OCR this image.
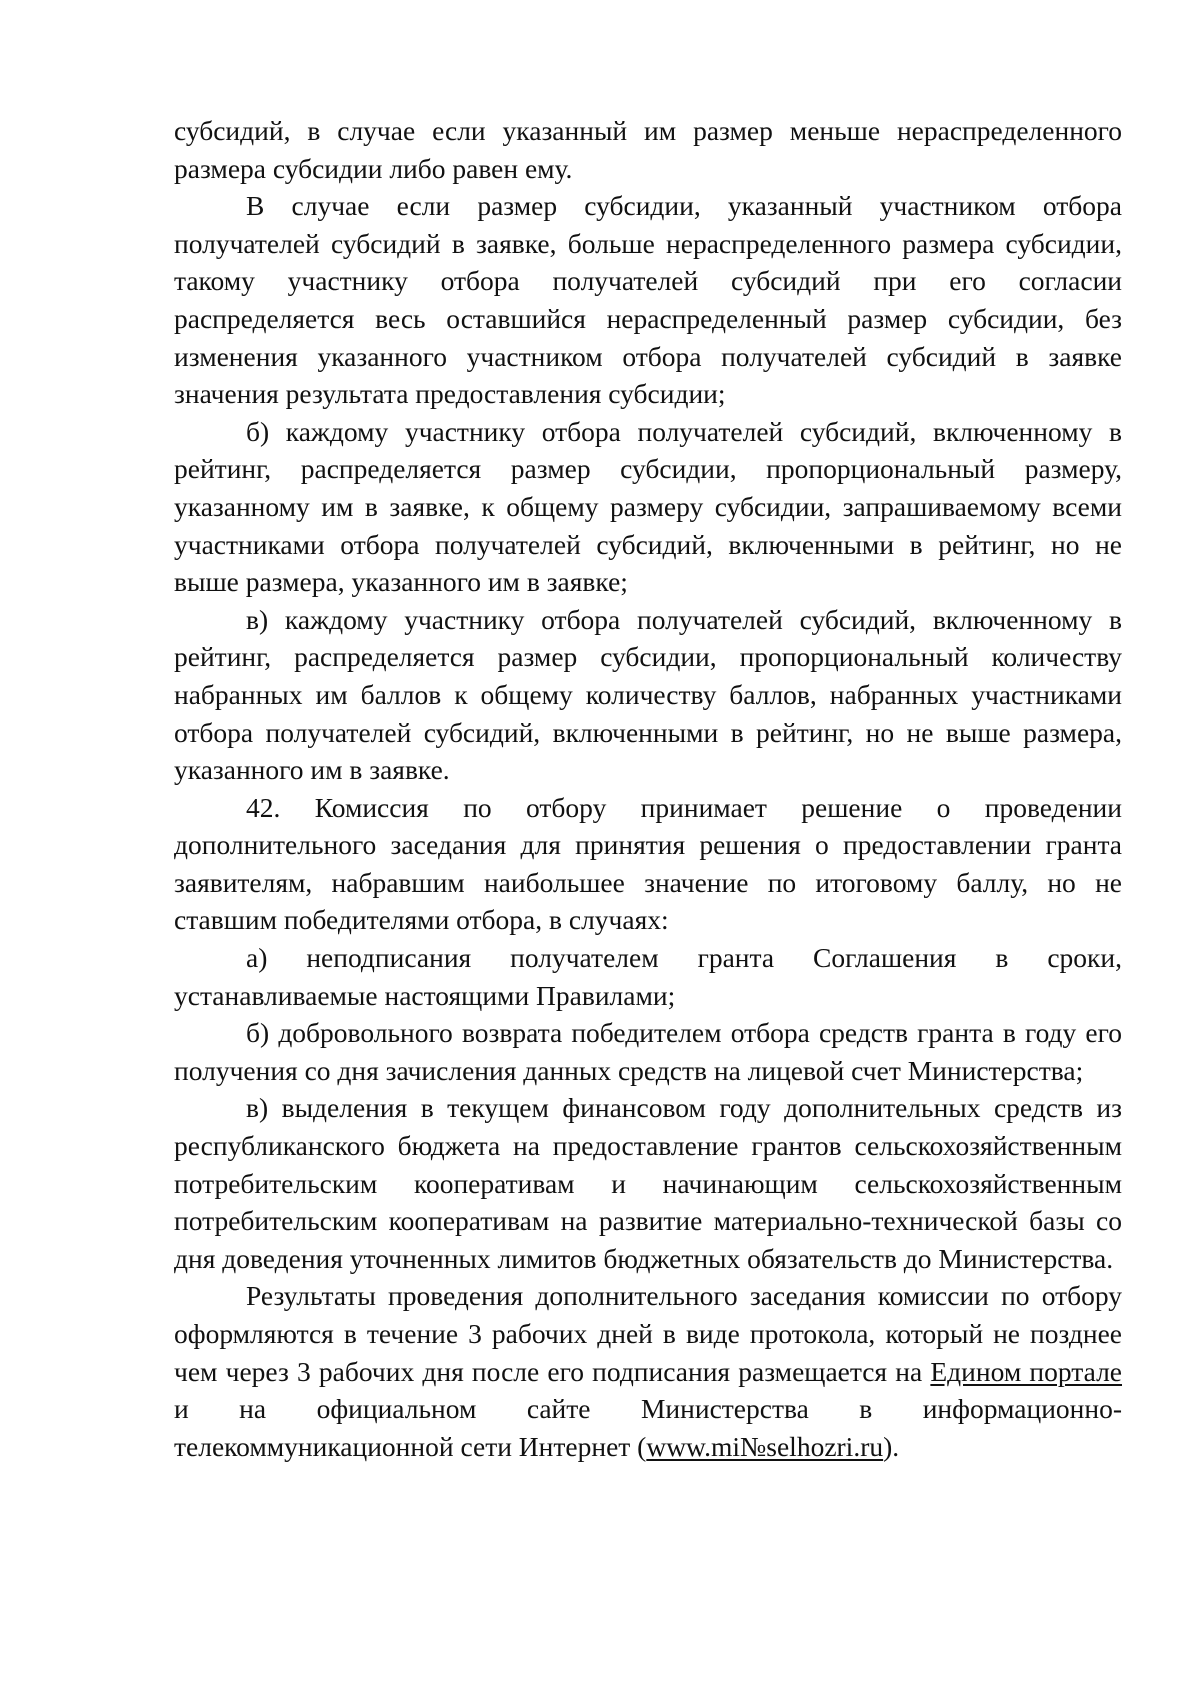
субсидий, в случае если указанный им размер меньше нераспределенного размера субсидии либо равен ему.

В случае если размер субсидии, указанный участником отбора получателей субсидий в заявке, больше нераспределенного размера субсидии, такому участнику отбора получателей субсидий при его согласии распределяется весь оставшийся нераспределенный размер субсидии, без изменения указанного участником отбора получателей субсидий в заявке значения результата предоставления субсидии;

б) каждому участнику отбора получателей субсидий, включенному в рейтинг, распределяется размер субсидии, пропорциональный размеру, указанному им в заявке, к общему размеру субсидии, запрашиваемому всеми участниками отбора получателей субсидий, включенными в рейтинг, но не выше размера, указанного им в заявке;

в) каждому участнику отбора получателей субсидий, включенному в рейтинг, распределяется размер субсидии, пропорциональный количеству набранных им баллов к общему количеству баллов, набранных участниками отбора получателей субсидий, включенными в рейтинг, но не выше размера, указанного им в заявке.

42. Комиссия по отбору принимает решение о проведении дополнительного заседания для принятия решения о предоставлении гранта заявителям, набравшим наибольшее значение по итоговому баллу, но не ставшим победителями отбора, в случаях:

а) неподписания получателем гранта Соглашения в сроки, устанавливаемые настоящими Правилами;

б) добровольного возврата победителем отбора средств гранта в году его получения со дня зачисления данных средств на лицевой счет Министерства;

в) выделения в текущем финансовом году дополнительных средств из республиканского бюджета на предоставление грантов сельскохозяйственным потребительским кооперативам и начинающим сельскохозяйственным потребительским кооперативам на развитие материально-технической базы со дня доведения уточненных лимитов бюджетных обязательств до Министерства.

Результаты проведения дополнительного заседания комиссии по отбору оформляются в течение 3 рабочих дней в виде протокола, который не позднее чем через 3 рабочих дня после его подписания размещается на Едином портале и на официальном сайте Министерства в информационно-телекоммуникационной сети Интернет (www.mi№selhozri.ru).
